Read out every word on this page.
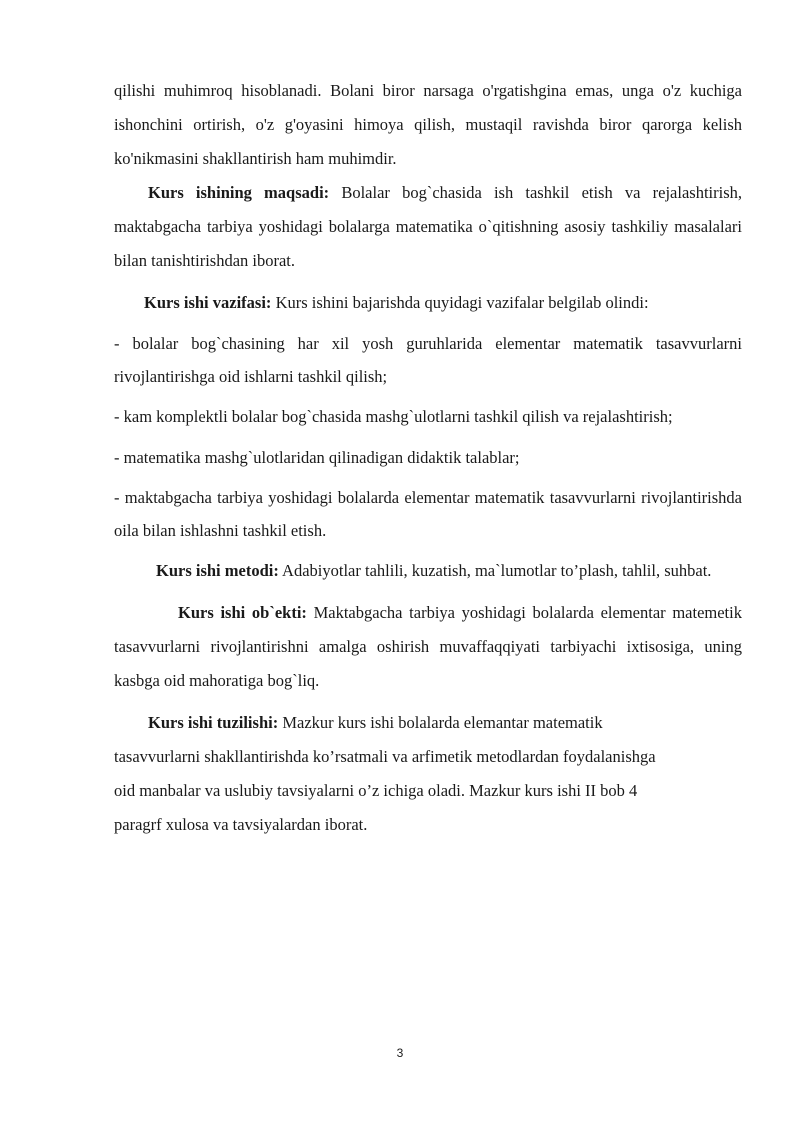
qilishi muhimroq hisoblanadi. Bolani biror narsaga o'rgatishgina emas, unga o'z kuchiga ishonchini ortirish, o'z g'oyasini himoya qilish, mustaqil ravishda biror qarorga kelish ko'nikmasini shakllantirish ham muhimdir.

Kurs ishining maqsadi: Bolalar bog`chasida ish tashkil etish va rejalashtirish, maktabgacha tarbiya yoshidagi bolalarga matematika o`qitishning asosiy tashkiliy masalalari bilan tanishtirishdan iborat.

Kurs ishi vazifasi: Kurs ishini bajarishda quyidagi vazifalar belgilab olindi:

- bolalar bog`chasining har xil yosh guruhlarida elementar matematik tasavvurlarni rivojlantirishga oid ishlarni tashkil qilish;

- kam komplektli bolalar bog`chasida mashg`ulotlarni tashkil qilish va rejalashtirish;

- matematika mashg`ulotlaridan qilinadigan didaktik talablar;

- maktabgacha tarbiya yoshidagi bolalarda elementar matematik tasavvurlarni rivojlantirishda oila bilan ishlashni tashkil etish.

Kurs ishi metodi: Adabiyotlar tahlili, kuzatish, ma`lumotlar to’plash, tahlil, suhbat.

Kurs ishi ob`ekti: Maktabgacha tarbiya yoshidagi bolalarda elementar matemetik tasavvurlarni rivojlantirishni amalga oshirish muvaffaqqiyati tarbiyachi ixtisosiga, uning kasbga oid mahoratiga bog`liq.

Kurs ishi tuzilishi: Mazkur kurs ishi bolalarda elemantar matematik
tasavvurlarni shakllantirishda ko’rsatmali va arfimetik metodlardan foydalanishga
oid manbalar va uslubiy tavsiyalarni o’z ichiga oladi. Mazkur kurs ishi II bob 4
paragrf xulosa va tavsiyalardan iborat.

3
